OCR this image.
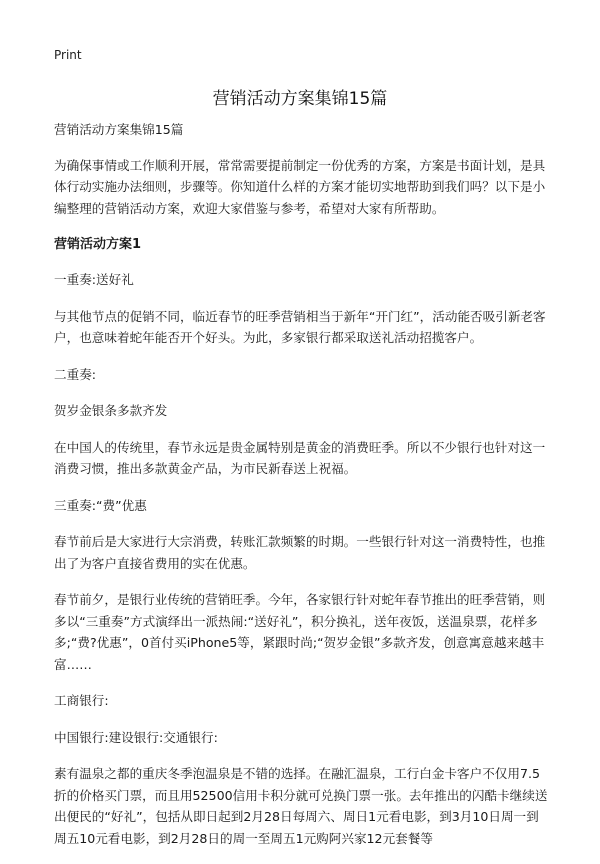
Print
营销活动方案集锦15篇
营销活动方案集锦15篇
为确保事情或工作顺利开展，常常需要提前制定一份优秀的方案，方案是书面计划，是具体行动实施办法细则，步骤等。你知道什么样的方案才能切实地帮助到我们吗？以下是小编整理的营销活动方案，欢迎大家借鉴与参考，希望对大家有所帮助。
营销活动方案1
一重奏:送好礼
与其他节点的促销不同，临近春节的旺季营销相当于新年“开门红”，活动能否吸引新老客户，也意味着蛇年能否开个好头。为此，多家银行都采取送礼活动招揽客户。
二重奏:
贺岁金银条多款齐发
在中国人的传统里，春节永远是贵金属特别是黄金的消费旺季。所以不少银行也针对这一消费习惯，推出多款黄金产品，为市民新春送上祝福。
三重奏:“费”优惠
春节前后是大家进行大宗消费，转账汇款频繁的时期。一些银行针对这一消费特性，也推出了为客户直接省费用的实在优惠。
春节前夕，是银行业传统的营销旺季。今年，各家银行针对蛇年春节推出的旺季营销，则多以“三重奏”方式演绎出一派热闹:“送好礼”，积分换礼，送年夜饭，送温泉票，花样多多;“费?优惠”，0首付买iPhone5等，紧跟时尚;“贺岁金银”多款齐发，创意寓意越来越丰富……
工商银行:
中国银行:建设银行:交通银行:
素有温泉之都的重庆冬季泡温泉是不错的选择。在融汇温泉，工行白金卡客户不仅用7.5折的价格买门票，而且用52500信用卡积分就可兑换门票一张。去年推出的闪酷卡继续送出便民的“好礼”，包括从即日起到2月28日每周六、周日1元看电影，到3月10日周一到周五10元看电影，到2月28日的周一至周五1元购阿兴家12元套餐等
